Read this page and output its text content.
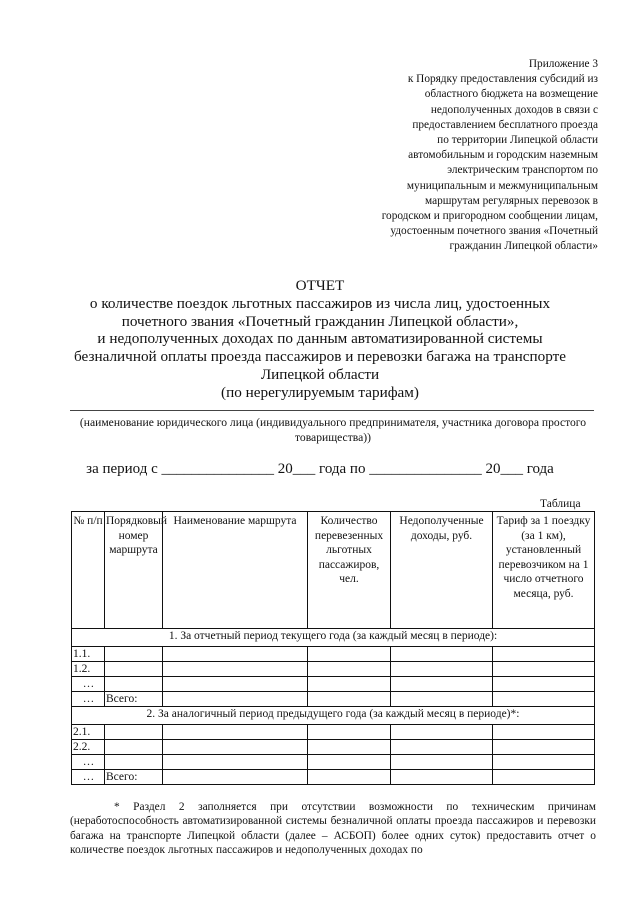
Приложение 3
к Порядку предоставления субсидий из
областного бюджета на возмещение
недополученных доходов в связи с
предоставлением бесплатного проезда
по территории Липецкой области
автомобильным и городским наземным
электрическим транспортом по
муниципальным и межмуниципальным
маршрутам регулярных перевозок в
городском и пригородном сообщении лицам,
удостоенным почетного звания «Почетный
гражданин Липецкой области»
ОТЧЕТ
о количестве поездок льготных пассажиров из числа лиц, удостоенных
почетного звания «Почетный гражданин Липецкой области»,
и недополученных доходах по данным автоматизированной системы
безналичной оплаты проезда пассажиров и перевозки багажа на транспорте
Липецкой области
(по нерегулируемым тарифам)
(наименование юридического лица (индивидуального предпринимателя, участника договора простого товарищества))
за период с _______________ 20___ года по _______________ 20___ года
Таблица
№ п/п	Порядковый номер маршрута	Наименование маршрута	Количество перевезенных льготных пассажиров, чел.	Недополученные доходы, руб.	Тариф за 1 поездку (за 1 км), установленный перевозчиком на 1 число отчетного месяца, руб.
1. За отчетный период текущего года (за каждый месяц в периоде):					
1.1.					
1.2.					
…					
…	Всего:				
2. За аналогичный период предыдущего года (за каждый месяц в периоде)*:					
2.1.					
2.2.					
…					
…	Всего:				

* Раздел 2 заполняется при отсутствии возможности по техническим причинам (неработоспособность автоматизированной системы безналичной оплаты проезда пассажиров и перевозки багажа на транспорте Липецкой области (далее – АСБОП) более одних суток) предоставить отчет о количестве поездок льготных пассажиров и недополученных доходах по
